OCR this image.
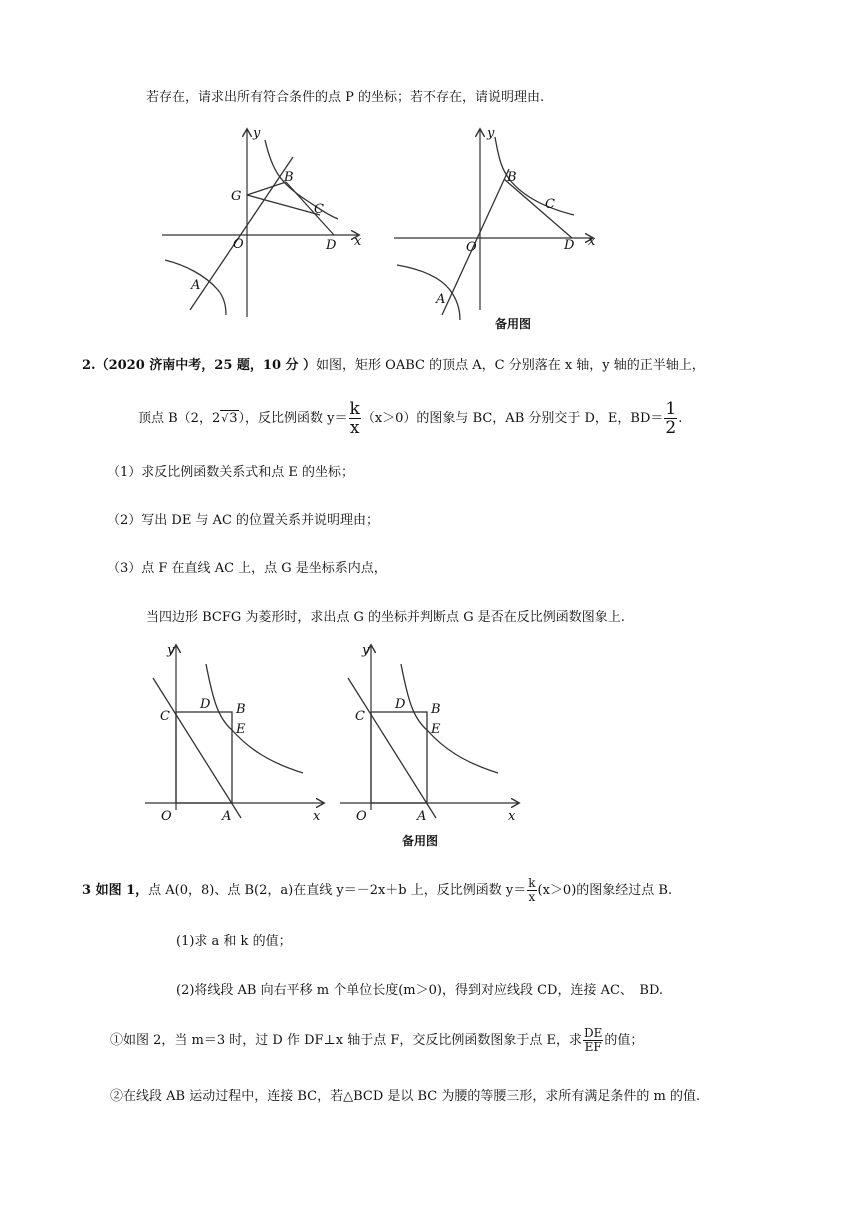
若存在，请求出所有符合条件的点 P 的坐标；若不存在，请说明理由.
y
x
O
G
B
C
D
A
y
x
O
B
C
D
A
备用图
2.（2020 济南中考，25 题，10 分 ）如图，矩形 OABC 的顶点 A，C 分别落在 x 轴，y 轴的正半轴上，
顶点 B（2，2√3），反比例函数 $y= \frac{k}{x} (x>0)$的图象与 BC，AB 分别交于 D，E，$BD= \frac{1}{2}$ .
（1）求反比例函数关系式和点 E 的坐标；
（2）写出 DE 与 AC 的位置关系并说明理由；
（3）点 F 在直线 AC 上，点 G 是坐标系内点，
当四边形 BCFG 为菱形时，求出点 G 的坐标并判断点 G 是否在反比例函数图象上.
y
x
O	A
C
D B
E
y
x
O	A
C
D B
E
备用图
3 如图 1，点 A(0，8)、点 B(2，a)在直线 y＝－2x＋b 上，反比例函数 $y= \frac{k}{x} (x>0)$的图象经过点 B.
(1)求 a 和 k 的值；
(2)将线段 AB 向右平移 m 个单位长度(m＞0)，得到对应线段 CD，连接 AC、　BD.
①如图 2，当 m＝3 时，过 D 作 DF⊥x 轴于点 F，交反比例函数图象于点 E，求 $\frac{DE}{EF}$ 的值；
②在线段 AB 运动过程中，连接 BC，若△BCD 是以 BC 为腰的等腰三形，求所有满足条件的 m 的值.
